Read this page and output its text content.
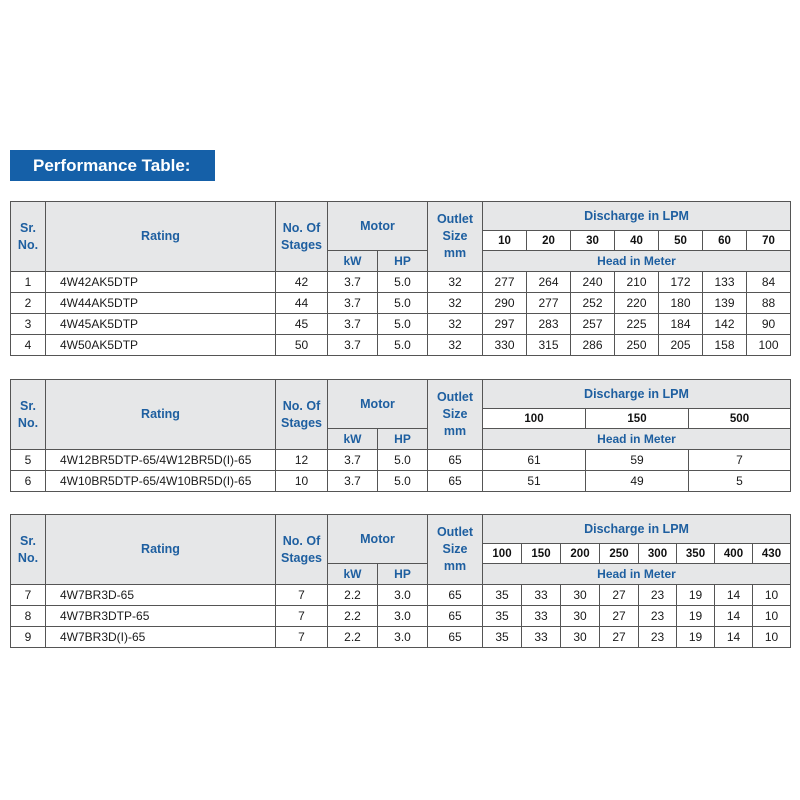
Performance Table:
Sr. No.	Rating	No. Of Stages	Motor		Outlet Size mm	Discharge in LPM						
						10	20	30	40	50	60	70
			kW	HP		Head in Meter						
1	4W42AK5DTP	42	3.7	5.0	32	277	264	240	210	172	133	84
2	4W44AK5DTP	44	3.7	5.0	32	290	277	252	220	180	139	88
3	4W45AK5DTP	45	3.7	5.0	32	297	283	257	225	184	142	90
4	4W50AK5DTP	50	3.7	5.0	32	330	315	286	250	205	158	100
Sr. No.	Rating	No. Of Stages	Motor		Outlet Size mm	Discharge in LPM		
						100	150	500
			kW	HP		Head in Meter		
5	4W12BR5DTP-65/4W12BR5D(I)-65	12	3.7	5.0	65	61	59	7
6	4W10BR5DTP-65/4W10BR5D(I)-65	10	3.7	5.0	65	51	49	5
Sr. No.	Rating	No. Of Stages	Motor		Outlet Size mm	Discharge in LPM							
						100	150	200	250	300	350	400	430
			kW	HP		Head in Meter							
7	4W7BR3D-65	7	2.2	3.0	65	35	33	30	27	23	19	14	10
8	4W7BR3DTP-65	7	2.2	3.0	65	35	33	30	27	23	19	14	10
9	4W7BR3D(I)-65	7	2.2	3.0	65	35	33	30	27	23	19	14	10
